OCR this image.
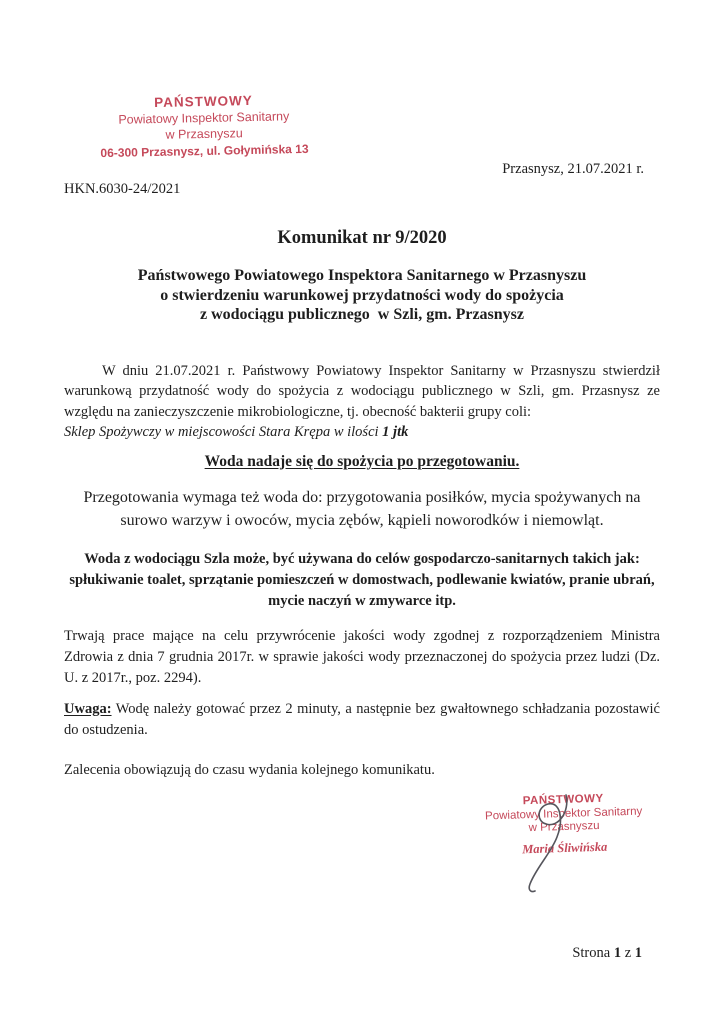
PAŃSTWOWY
Powiatowy Inspektor Sanitarny
w Przasnyszu
06-300 Przasnysz, ul. Gołymińska 13
Przasnysz, 21.07.2021 r.
HKN.6030-24/2021
Komunikat nr 9/2020
Państwowego Powiatowego Inspektora Sanitarnego w Przasnyszu
o stwierdzeniu warunkowej przydatności wody do spożycia
z wodociągu publicznego  w Szli, gm. Przasnysz

W dniu 21.07.2021 r. Państwowy Powiatowy Inspektor Sanitarny w Przasnyszu stwierdził warunkową przydatność wody do spożycia z wodociągu publicznego w Szli, gm. Przasnysz ze względu na zanieczyszczenie mikrobiologiczne, tj. obecność bakterii grupy coli:

Sklep Spożywczy w miejscowości Stara Krępa w ilości 1 jtk

Woda nadaje się do spożycia po przegotowaniu.

Przegotowania wymaga też woda do: przygotowania posiłków, mycia spożywanych na surowo warzyw i owoców, mycia zębów, kąpieli noworodków i niemowląt.

Woda z wodociągu Szla może, być używana do celów gospodarczo-sanitarnych takich jak: spłukiwanie toalet, sprzątanie pomieszczeń w domostwach, podlewanie kwiatów, pranie ubrań, mycie naczyń w zmywarce itp.

Trwają prace mające na celu przywrócenie jakości wody zgodnej z rozporządzeniem Ministra Zdrowia z dnia 7 grudnia 2017r. w sprawie jakości wody przeznaczonej do spożycia przez ludzi (Dz. U. z 2017r., poz. 2294).

Uwaga: Wodę należy gotować przez 2 minuty, a następnie bez gwałtownego schładzania pozostawić do ostudzenia.

Zalecenia obowiązują do czasu wydania kolejnego komunikatu.

PAŃSTWOWY
Powiatowy Inspektor Sanitarny
w Przasnyszu
Maria Śliwińska
Strona 1 z 1
